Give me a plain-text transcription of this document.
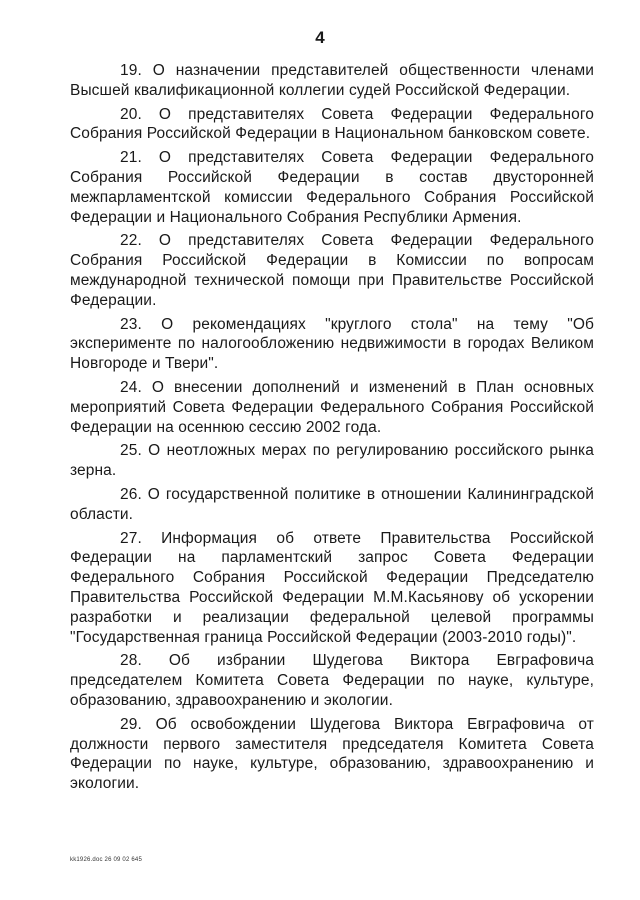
4

19. О назначении представителей общественности членами Высшей квалификационной коллегии судей Российской Федерации.

20. О представителях Совета Федерации Федерального Собрания Российской Федерации в Национальном банковском совете.

21. О представителях Совета Федерации Федерального Собрания Российской Федерации в состав двусторонней межпарламентской комиссии Федерального Собрания Российской Федерации и Национального Собрания Республики Армения.

22. О представителях Совета Федерации Федерального Собрания Российской Федерации в Комиссии по вопросам международной технической помощи при Правительстве Российской Федерации.

23. О рекомендациях "круглого стола" на тему "Об эксперименте по налогообложению недвижимости в городах Великом Новгороде и Твери".

24. О внесении дополнений и изменений в План основных мероприятий Совета Федерации Федерального Собрания Российской Федерации на осеннюю сессию 2002 года.

25. О неотложных мерах по регулированию российского рынка зерна.

26. О государственной политике в отношении Калининградской области.

27. Информация об ответе Правительства Российской Федерации на парламентский запрос Совета Федерации Федерального Собрания Российской Федерации Председателю Правительства Российской Федерации М.М.Касьянову об ускорении разработки и реализации федеральной целевой программы "Государственная граница Российской Федерации (2003-2010 годы)".

28. Об избрании Шудегова Виктора Евграфовича председателем Комитета Совета Федерации по науке, культуре, образованию, здравоохранению и экологии.

29. Об освобождении Шудегова Виктора Евграфовича от должности первого заместителя председателя Комитета Совета Федерации по науке, культуре, образованию, здравоохранению и экологии.

kk1926.doc 26 09 02 645
